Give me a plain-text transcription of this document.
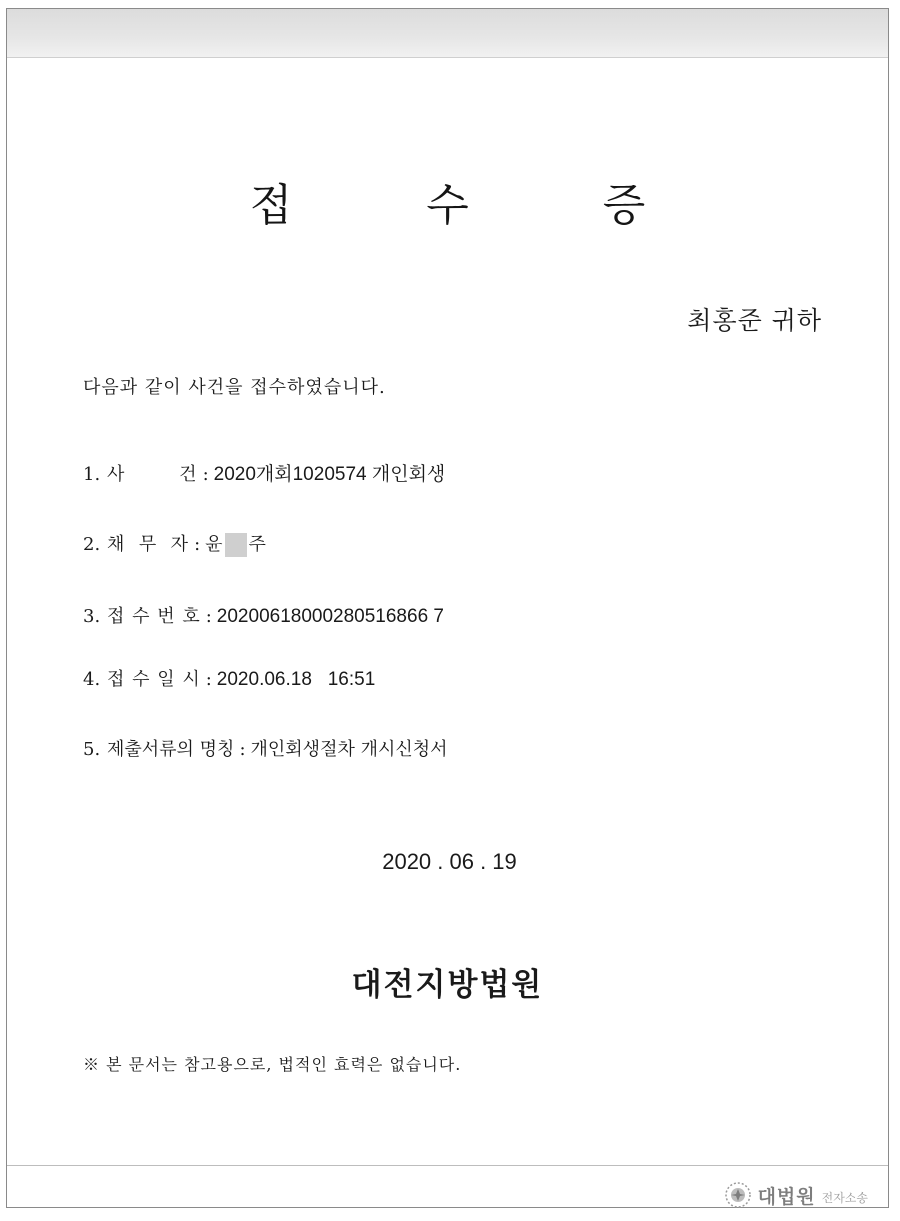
접 수 증
최홍준 귀하
다음과 같이 사건을 접수하였습니다.
1. 사        건 : 2020개회1020574 개인회생
2. 채  무  자 : 윤 주
3. 접 수 번 호 : 20200618000280516866 7
4. 접 수 일 시 : 2020.06.18   16:51
5. 제출서류의 명칭 : 개인회생절차 개시신청서
2020 . 06 . 19
대전지방법원
※ 본 문서는 참고용으로, 법적인 효력은 없습니다.
대법원 전자소송
